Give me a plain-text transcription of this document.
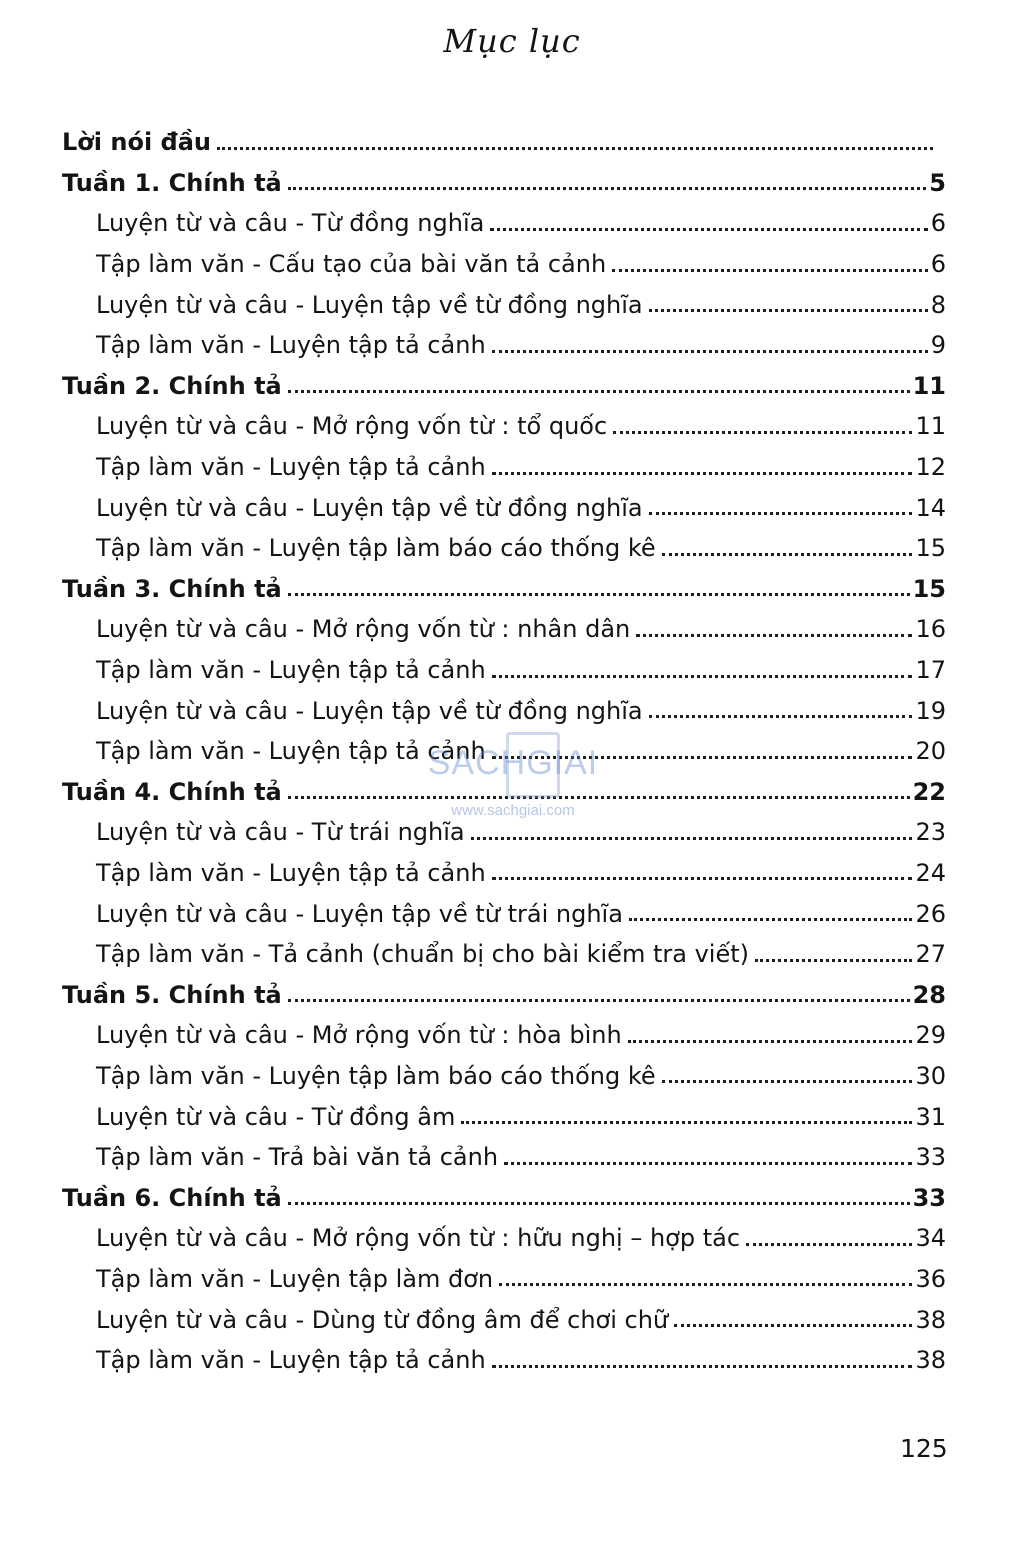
Mục lục
Lời nói đầu
Tuần 1. Chính tả	5
Luyện từ và câu - Từ đồng nghĩa	6
Tập làm văn - Cấu tạo của bài văn tả cảnh	6
Luyện từ và câu - Luyện tập về từ đồng nghĩa	8
Tập làm văn - Luyện tập tả cảnh	9
Tuần 2. Chính tả	11
Luyện từ và câu - Mở rộng vốn từ : tổ quốc	11
Tập làm văn - Luyện tập tả cảnh	12
Luyện từ và câu - Luyện tập về từ đồng nghĩa	14
Tập làm văn - Luyện tập làm báo cáo thống kê	15
Tuần 3. Chính tả	15
Luyện từ và câu - Mở rộng vốn từ : nhân dân	16
Tập làm văn - Luyện tập tả cảnh	17
Luyện từ và câu - Luyện tập về từ đồng nghĩa	19
Tập làm văn - Luyện tập tả cảnh	20
Tuần 4. Chính tả	22
Luyện từ và câu - Từ trái nghĩa	23
Tập làm văn - Luyện tập tả cảnh	24
Luyện từ và câu - Luyện tập về từ trái nghĩa	26
Tập làm văn - Tả cảnh (chuẩn bị cho bài kiểm tra viết)	27
Tuần 5. Chính tả	28
Luyện từ và câu - Mở rộng vốn từ : hòa bình	29
Tập làm văn - Luyện tập làm báo cáo thống kê	30
Luyện từ và câu - Từ đồng âm	31
Tập làm văn - Trả bài văn tả cảnh	33
Tuần 6. Chính tả	33
Luyện từ và câu - Mở rộng vốn từ : hữu nghị – hợp tác	34
Tập làm văn - Luyện tập làm đơn	36
Luyện từ và câu - Dùng từ đồng âm để chơi chữ	38
Tập làm văn - Luyện tập tả cảnh	38
SACHGIAI
www.sachgiai.com
125
